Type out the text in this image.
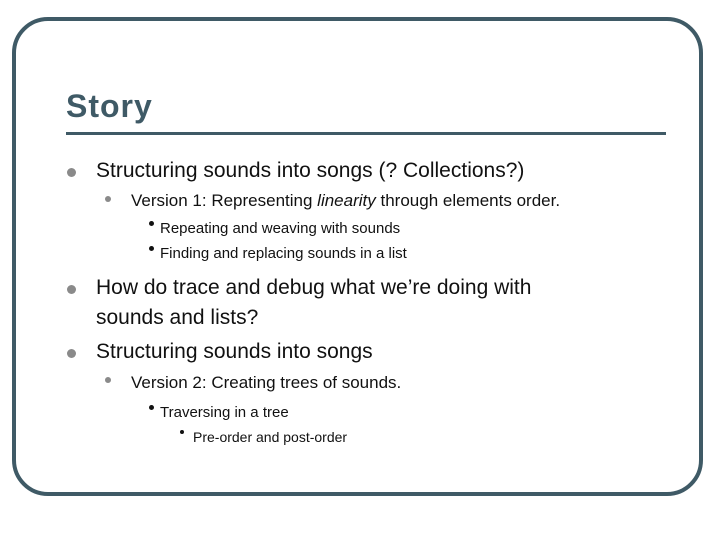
Story
Structuring sounds into songs (? Collections?)
Version 1: Representing linearity through elements order.
Repeating and weaving with sounds
Finding and replacing sounds in a list
How do trace and debug what we’re doing with
sounds and lists?
Structuring sounds into songs
Version 2: Creating trees of sounds.
Traversing in a tree
Pre-order and post-order
